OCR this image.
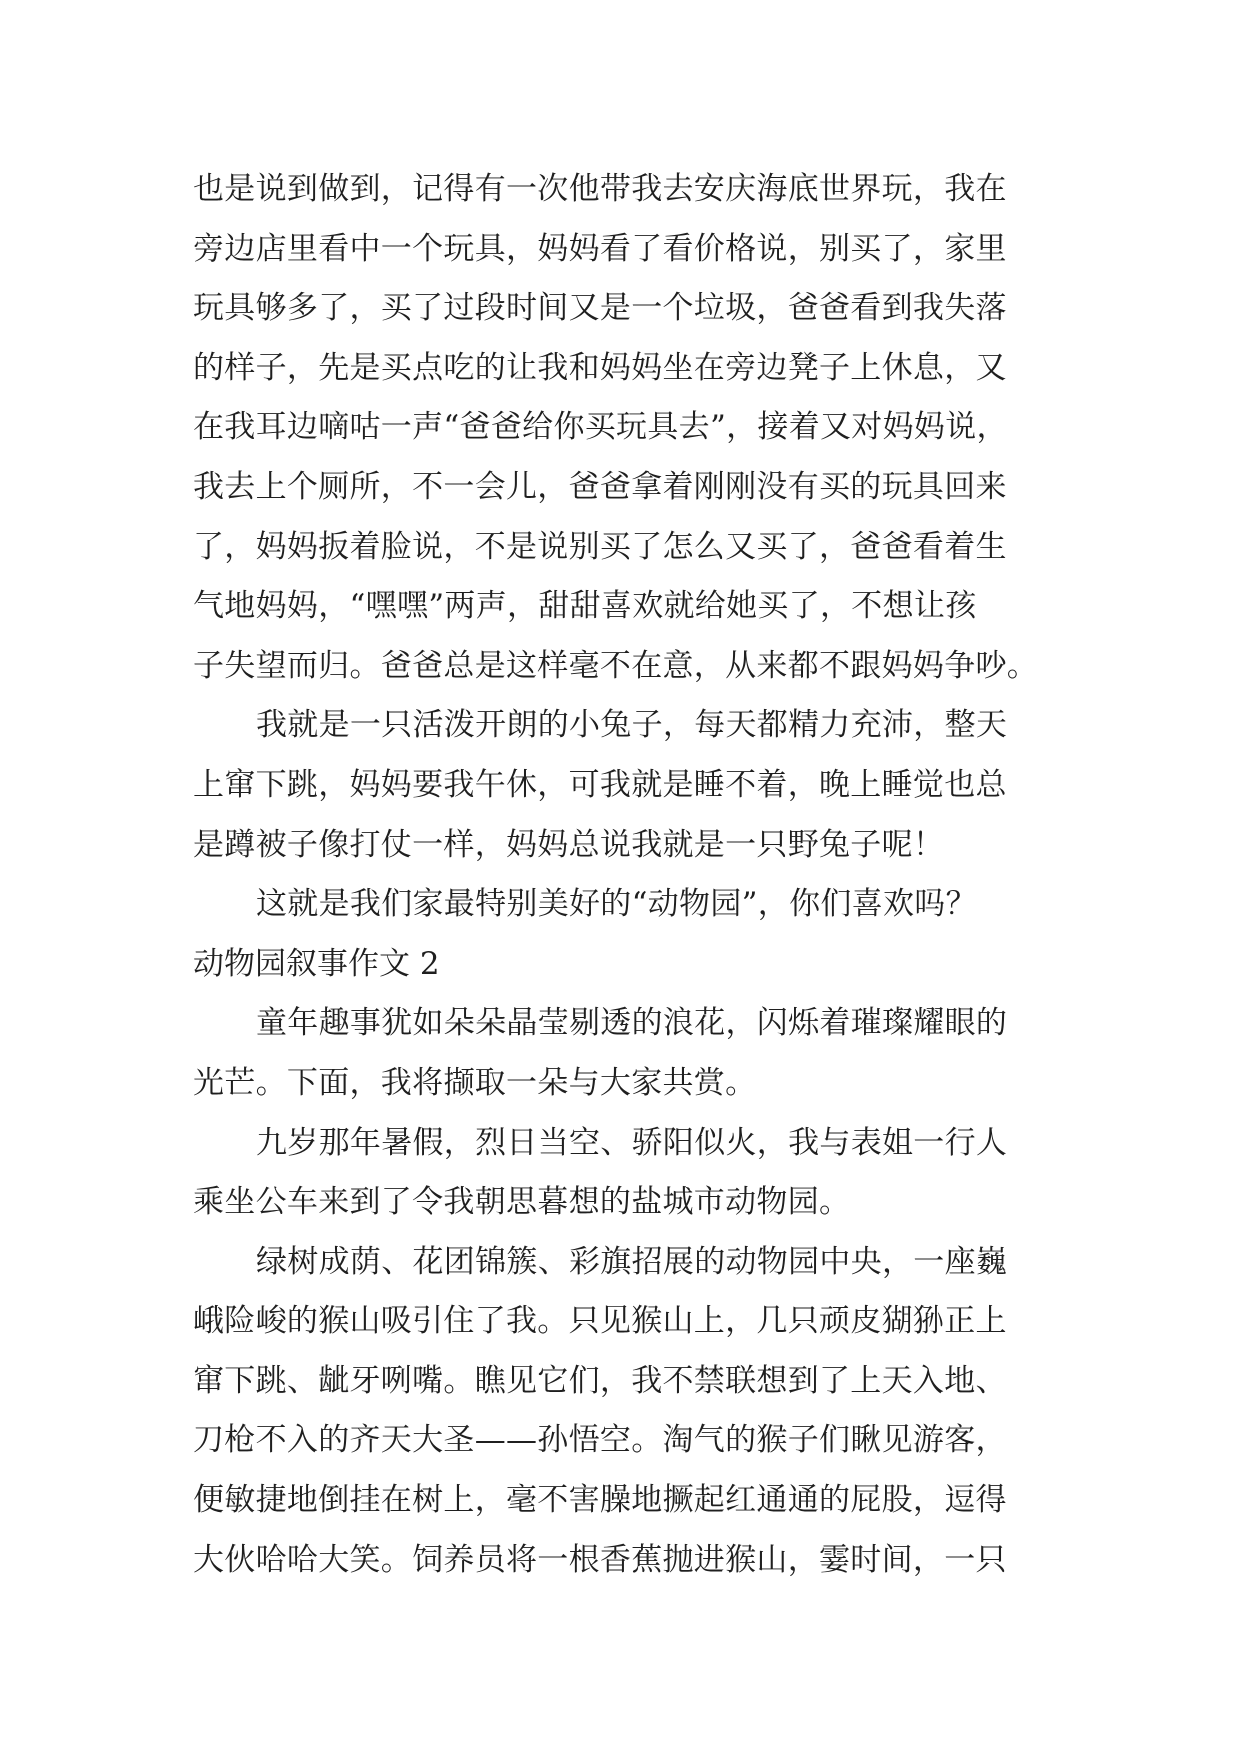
也是说到做到，记得有一次他带我去安庆海底世界玩，我在
旁边店里看中一个玩具，妈妈看了看价格说，别买了，家里
玩具够多了，买了过段时间又是一个垃圾，爸爸看到我失落
的样子，先是买点吃的让我和妈妈坐在旁边凳子上休息，又
在我耳边嘀咕一声“爸爸给你买玩具去”，接着又对妈妈说，
我去上个厕所，不一会儿，爸爸拿着刚刚没有买的玩具回来
了，妈妈扳着脸说，不是说别买了怎么又买了，爸爸看着生
气地妈妈，“嘿嘿”两声，甜甜喜欢就给她买了，不想让孩
子失望而归。爸爸总是这样毫不在意，从来都不跟妈妈争吵。
我就是一只活泼开朗的小兔子，每天都精力充沛，整天
上窜下跳，妈妈要我午休，可我就是睡不着，晚上睡觉也总
是蹲被子像打仗一样，妈妈总说我就是一只野兔子呢！
这就是我们家最特别美好的“动物园”，你们喜欢吗？
动物园叙事作文 2
童年趣事犹如朵朵晶莹剔透的浪花，闪烁着璀璨耀眼的
光芒。下面，我将撷取一朵与大家共赏。
九岁那年暑假，烈日当空、骄阳似火，我与表姐一行人
乘坐公车来到了令我朝思暮想的盐城市动物园。
绿树成荫、花团锦簇、彩旗招展的动物园中央，一座巍
峨险峻的猴山吸引住了我。只见猴山上，几只顽皮猢狲正上
窜下跳、龇牙咧嘴。瞧见它们，我不禁联想到了上天入地、
刀枪不入的齐天大圣——孙悟空。淘气的猴子们瞅见游客，
便敏捷地倒挂在树上，毫不害臊地撅起红通通的屁股，逗得
大伙哈哈大笑。饲养员将一根香蕉抛进猴山，霎时间，一只
